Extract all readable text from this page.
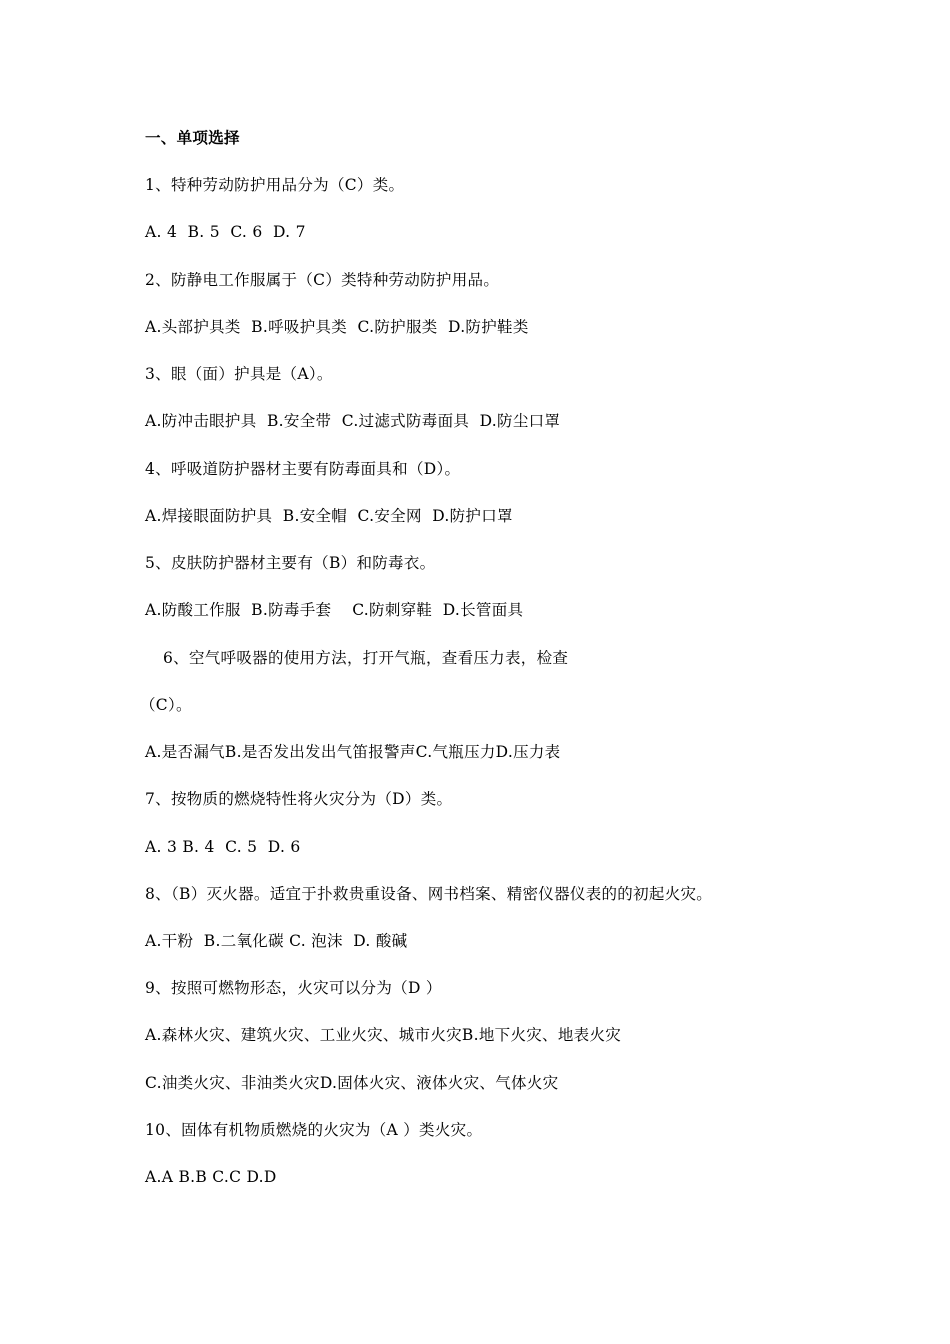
一、单项选择
1、特种劳动防护用品分为（C）类。
A. 4  B. 5  C. 6  D. 7
2、防静电工作服属于（C）类特种劳动防护用品。
A.头部护具类  B.呼吸护具类  C.防护服类  D.防护鞋类
3、眼（面）护具是（A）。
A.防冲击眼护具  B.安全带  C.过滤式防毒面具  D.防尘口罩
4、呼吸道防护器材主要有防毒面具和（D）。
A.焊接眼面防护具  B.安全帽  C.安全网  D.防护口罩
5、皮肤防护器材主要有（B）和防毒衣。
A.防酸工作服  B.防毒手套    C.防刺穿鞋  D.长管面具
6、空气呼吸器的使用方法，打开气瓶，查看压力表，检查
（C）。
A.是否漏气B.是否发出发出气笛报警声C.气瓶压力D.压力表
7、按物质的燃烧特性将火灾分为（D）类。
A. 3 B. 4  C. 5  D. 6
8、（B）灭火器。适宜于扑救贵重设备、网书档案、精密仪器仪表的的初起火灾。
A.干粉  B.二氧化碳 C. 泡沫  D. 酸碱
9、按照可燃物形态，火灾可以分为（D ）
A.森林火灾、建筑火灾、工业火灾、城市火灾B.地下火灾、地表火灾
C.油类火灾、非油类火灾D.固体火灾、液体火灾、气体火灾
10、固体有机物质燃烧的火灾为（A ）类火灾。
A.A B.B C.C D.D
